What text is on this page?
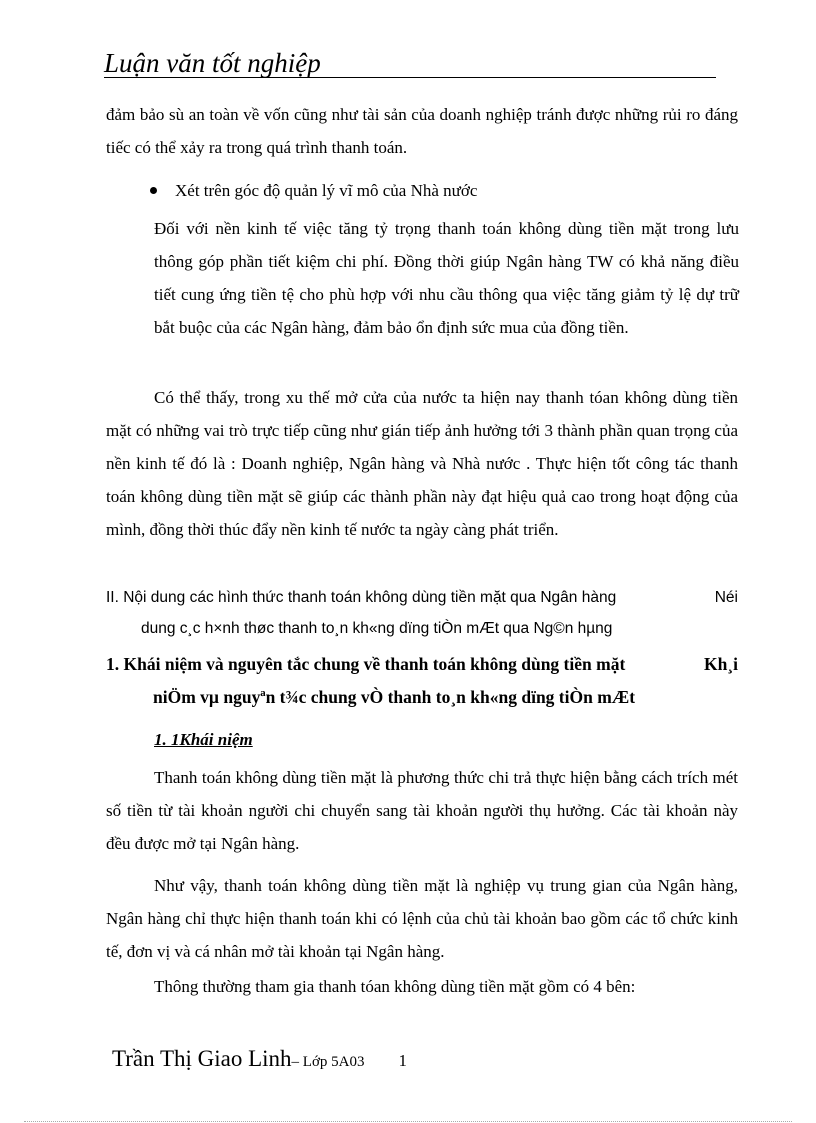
Luận văn tốt nghiệp
đảm bảo sù an toàn về vốn cũng như tài sản của doanh nghiệp tránh được những rủi ro đáng tiếc có thể xảy ra trong quá trình thanh toán.
Xét trên góc độ quản lý vĩ mô của Nhà nước
Đối với nền kinh tế việc tăng tỷ trọng thanh toán không dùng tiền mặt trong lưu thông góp phần tiết kiệm chi phí. Đồng thời giúp Ngân hàng TW có khả năng điều tiết cung ứng tiền tệ cho phù hợp với nhu cầu thông qua việc tăng giảm tỷ lệ dự trữ bắt buộc của các Ngân hàng, đảm bảo ổn định sức mua của đồng tiền.
Có thể thấy, trong xu thế mở cửa của nước ta hiện nay thanh tóan không dùng tiền mặt có những vai trò trực tiếp cũng như gián tiếp ảnh hưởng tới 3 thành phần quan trọng của nền kinh tế đó là : Doanh nghiệp, Ngân hàng và Nhà nước . Thực hiện tốt công tác thanh toán không dùng tiền mặt sẽ giúp các thành phần này đạt hiệu quả cao trong hoạt động của mình, đồng thời thúc đẩy nền kinh tế nước ta ngày càng phát triển.
II. Nội dung các hình thức thanh toán không dùng tiền mặt qua Ngân hàng	Néi
dung c¸c h×nh thøc thanh to¸n kh«ng dïng tiÒn mÆt qua Ng©n hµng
1. Khái niệm và nguyên tắc chung về thanh toán không dùng tiền mặt	Kh¸i
niÖm vµ nguyªn t¾c chung vÒ thanh to¸n kh«ng dïng tiÒn mÆt
1. 1Khái niệm
Thanh toán không dùng tiền mặt là phương thức chi trả thực hiện bằng cách trích mét số tiền từ tài khoản người chi chuyển sang tài khoản người thụ hưởng. Các tài khoản này đều được mở tại Ngân hàng.
Như vậy, thanh toán không dùng tiền mặt là nghiệp vụ trung gian của Ngân hàng, Ngân hàng chỉ thực hiện thanh toán khi có lệnh của chủ tài khoản bao gồm các tổ chức kinh tế, đơn vị và cá nhân mở tài khoản tại Ngân hàng.
Thông thường tham gia thanh tóan không dùng tiền mặt gồm có 4 bên:
Trần Thị Giao Linh– Lớp 5A03 1
